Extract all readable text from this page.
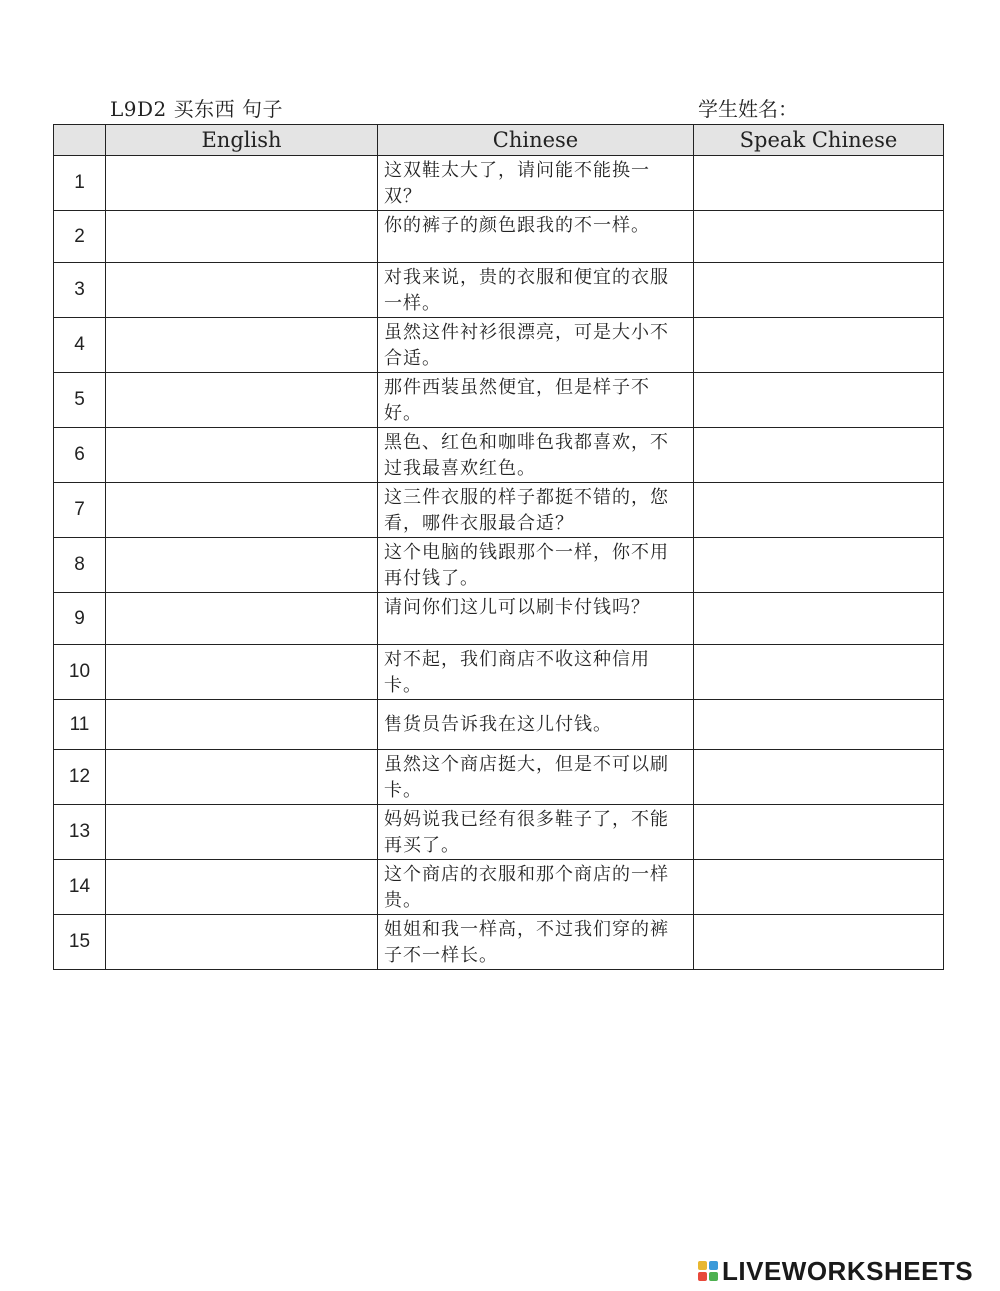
L9D2 买东西 句子	学生姓名：
	English	Chinese	Speak Chinese
1		这双鞋太大了，请问能不能换一双？	
2		你的裤子的颜色跟我的不一样。	
3		对我来说，贵的衣服和便宜的衣服一样。	
4		虽然这件衬衫很漂亮，可是大小不合适。	
5		那件西装虽然便宜，但是样子不好。	
6		黑色、红色和咖啡色我都喜欢，不过我最喜欢红色。	
7		这三件衣服的样子都挺不错的，您看，哪件衣服最合适？	
8		这个电脑的钱跟那个一样，你不用再付钱了。	
9		请问你们这儿可以刷卡付钱吗？	
10		对不起，我们商店不收这种信用卡。	
11		售货员告诉我在这儿付钱。	
12		虽然这个商店挺大，但是不可以刷卡。	
13		妈妈说我已经有很多鞋子了，不能再买了。	
14		这个商店的衣服和那个商店的一样贵。	
15		姐姐和我一样高，不过我们穿的裤子不一样长。	
LIVEWORKSHEETS
